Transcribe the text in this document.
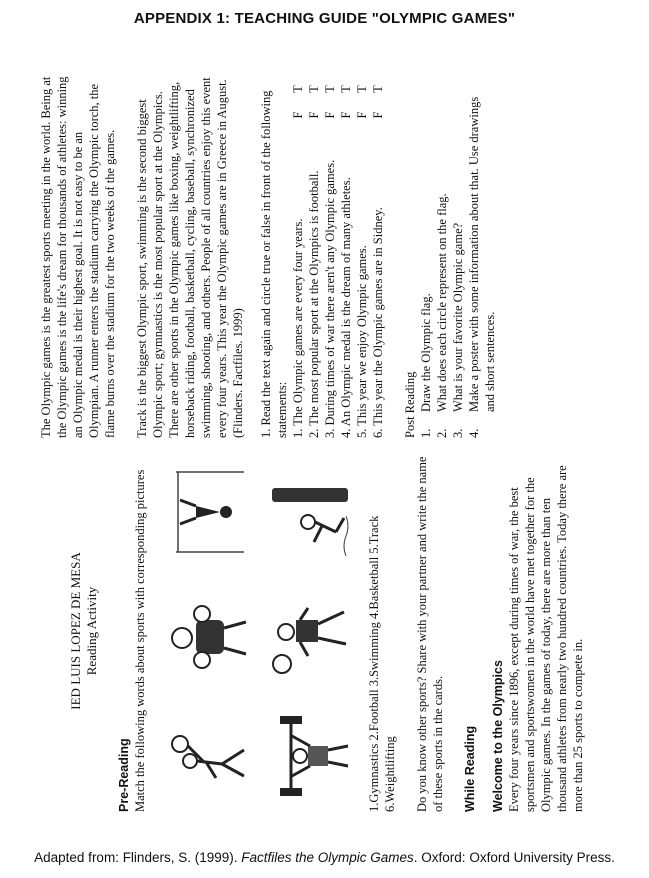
APPENDIX 1: TEACHING GUIDE "OLYMPIC GAMES"
IED LUIS LOPEZ DE MESA Reading Activity
Pre-Reading Match the following words about sports with corresponding pictures	1.Gymnastics 2.Football 3.Swimming 4.Basketball 5.Track 6.Weightlifting Do you know other sports? Share with your partner and write the name of these sports in the cards. While Reading Welcome to the Olympics Every four years since 1896, except during times of war, the best sportsmen and sportswomen in the world have met together for the Olympic games. In the games of today, there are more than ten thousand athletes from nearly two hundred countries. Today there are more than 25 sports to compete in.

The Olympic games is the greatest sports meeting in the world. Being at the Olympic games is the life's dream for thousands of athletes: winning an Olympic medal is their highest goal. It is not easy to be an Olympian. A runner enters the stadium carrying the Olympic torch, the flame burns over the stadium for the two weeks of the games. Track is the biggest Olympic sport, swimming is the second biggest Olympic sport; gymnastics is the most popular sport at the Olympics. There are other sports in the Olympic games like boxing, weightlifting, horseback riding, football, basketball, cycling, baseball, synchronized swimming, shooting, and others. People of all countries enjoy this event every four years. This year the Olympic games are in Greece in August. (Flinders. Factfiles. 1999) 1. Read the text again and circle true or false in front of the following statements: 1. The Olympic games are every four years.
FT
2. The most popular sport at the Olympics is football.
FT
3. During times of war there aren't any Olympic games.
FT
4. An Olympic medal is the dream of many athletes.
FT
5. This year we enjoy Olympic games.
FT
6. This year the Olympic games are in Sidney.
FT

Post Reading 1.
Draw the Olympic flag.
2.
What does each circle represent on the flag.
3.
What is your favorite Olympic game?
4.
Make a poster with some information about that. Use drawings and short sentences.
Adapted from: Flinders, S. (1999). Factfiles the Olympic Games. Oxford: Oxford University Press.
